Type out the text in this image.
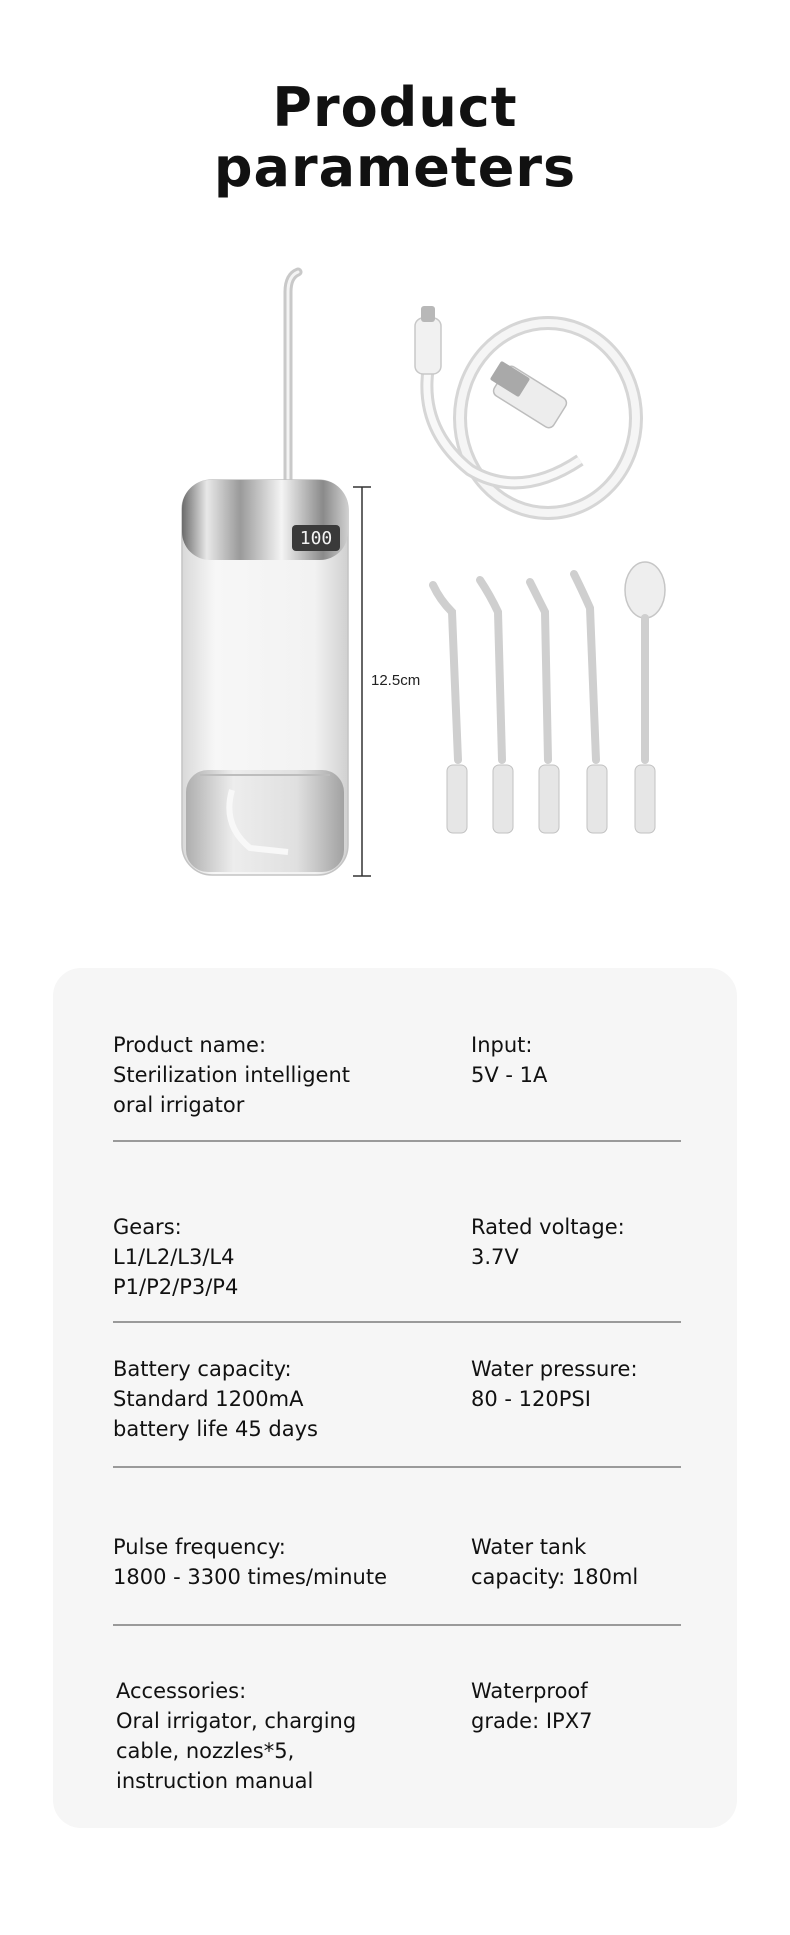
Product
parameters
100
12.5cm
Product name:
Sterilization intelligent
oral irrigator
Input:
5V - 1A
Gears:
L1/L2/L3/L4
P1/P2/P3/P4
Rated voltage:
3.7V
Battery capacity:
Standard 1200mA
battery life 45 days
Water pressure:
80 - 120PSI
Pulse frequency:
1800 - 3300 times/minute
Water tank
capacity: 180ml
Accessories:
Oral irrigator, charging
cable, nozzles*5,
instruction manual
Waterproof
grade: IPX7
